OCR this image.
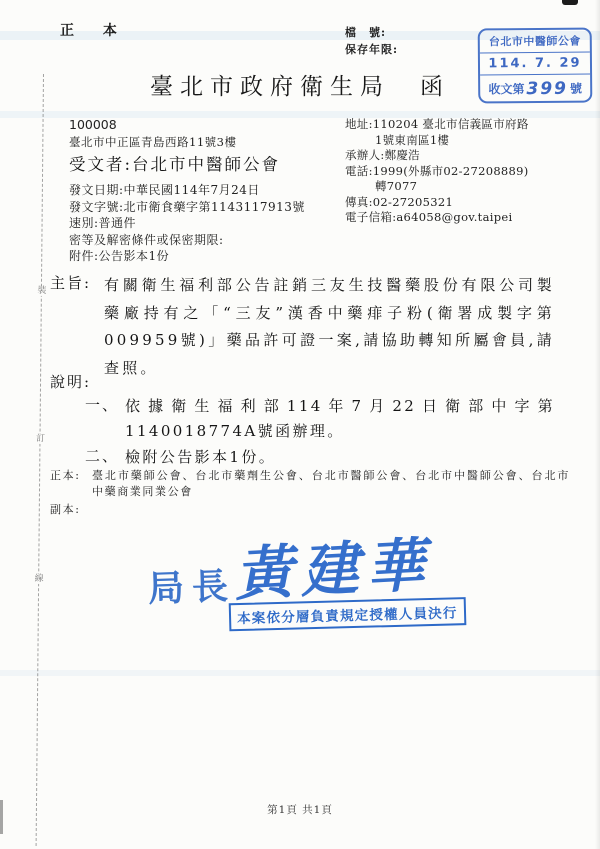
裝
訂
線
正 本	檔　號:
保存年限:
台北市中醫師公會
114. 7. 29
收文第 399 號
臺北市政府衛生局　函
100008
臺北市中正區青島西路11號3樓
受文者:台北市中醫師公會
發文日期:中華民國114年7月24日
發文字號:北市衛食藥字第1143117913號
速別:普通件
密等及解密條件或保密期限:
附件:公告影本1份
地址:110204 臺北市信義區市府路
1號東南區1樓
承辦人:鄭慶浩
電話:1999(外縣市02-27208889)
轉7077
傳真:02-27205321
電子信箱:a64058@gov.taipei
主旨: 有關衛生福利部公告註銷三友生技醫藥股份有限公司製藥廠持有之「“三友”漢香中藥痱子粉(衛署成製字第009959號)」藥品許可證一案,請協助轉知所屬會員,請查照。
說明:
一、 依據衛生福利部114年7月22日衛部中字第1140018774A號函辦理。
二、 檢附公告影本1份。
正本:	臺北市藥師公會、台北市藥劑生公會、台北市醫師公會、台北市中醫師公會、台北市中藥商業同業公會
副本:
局長
黃建華
本案依分層負責規定授權人員決行
第1頁 共1頁
